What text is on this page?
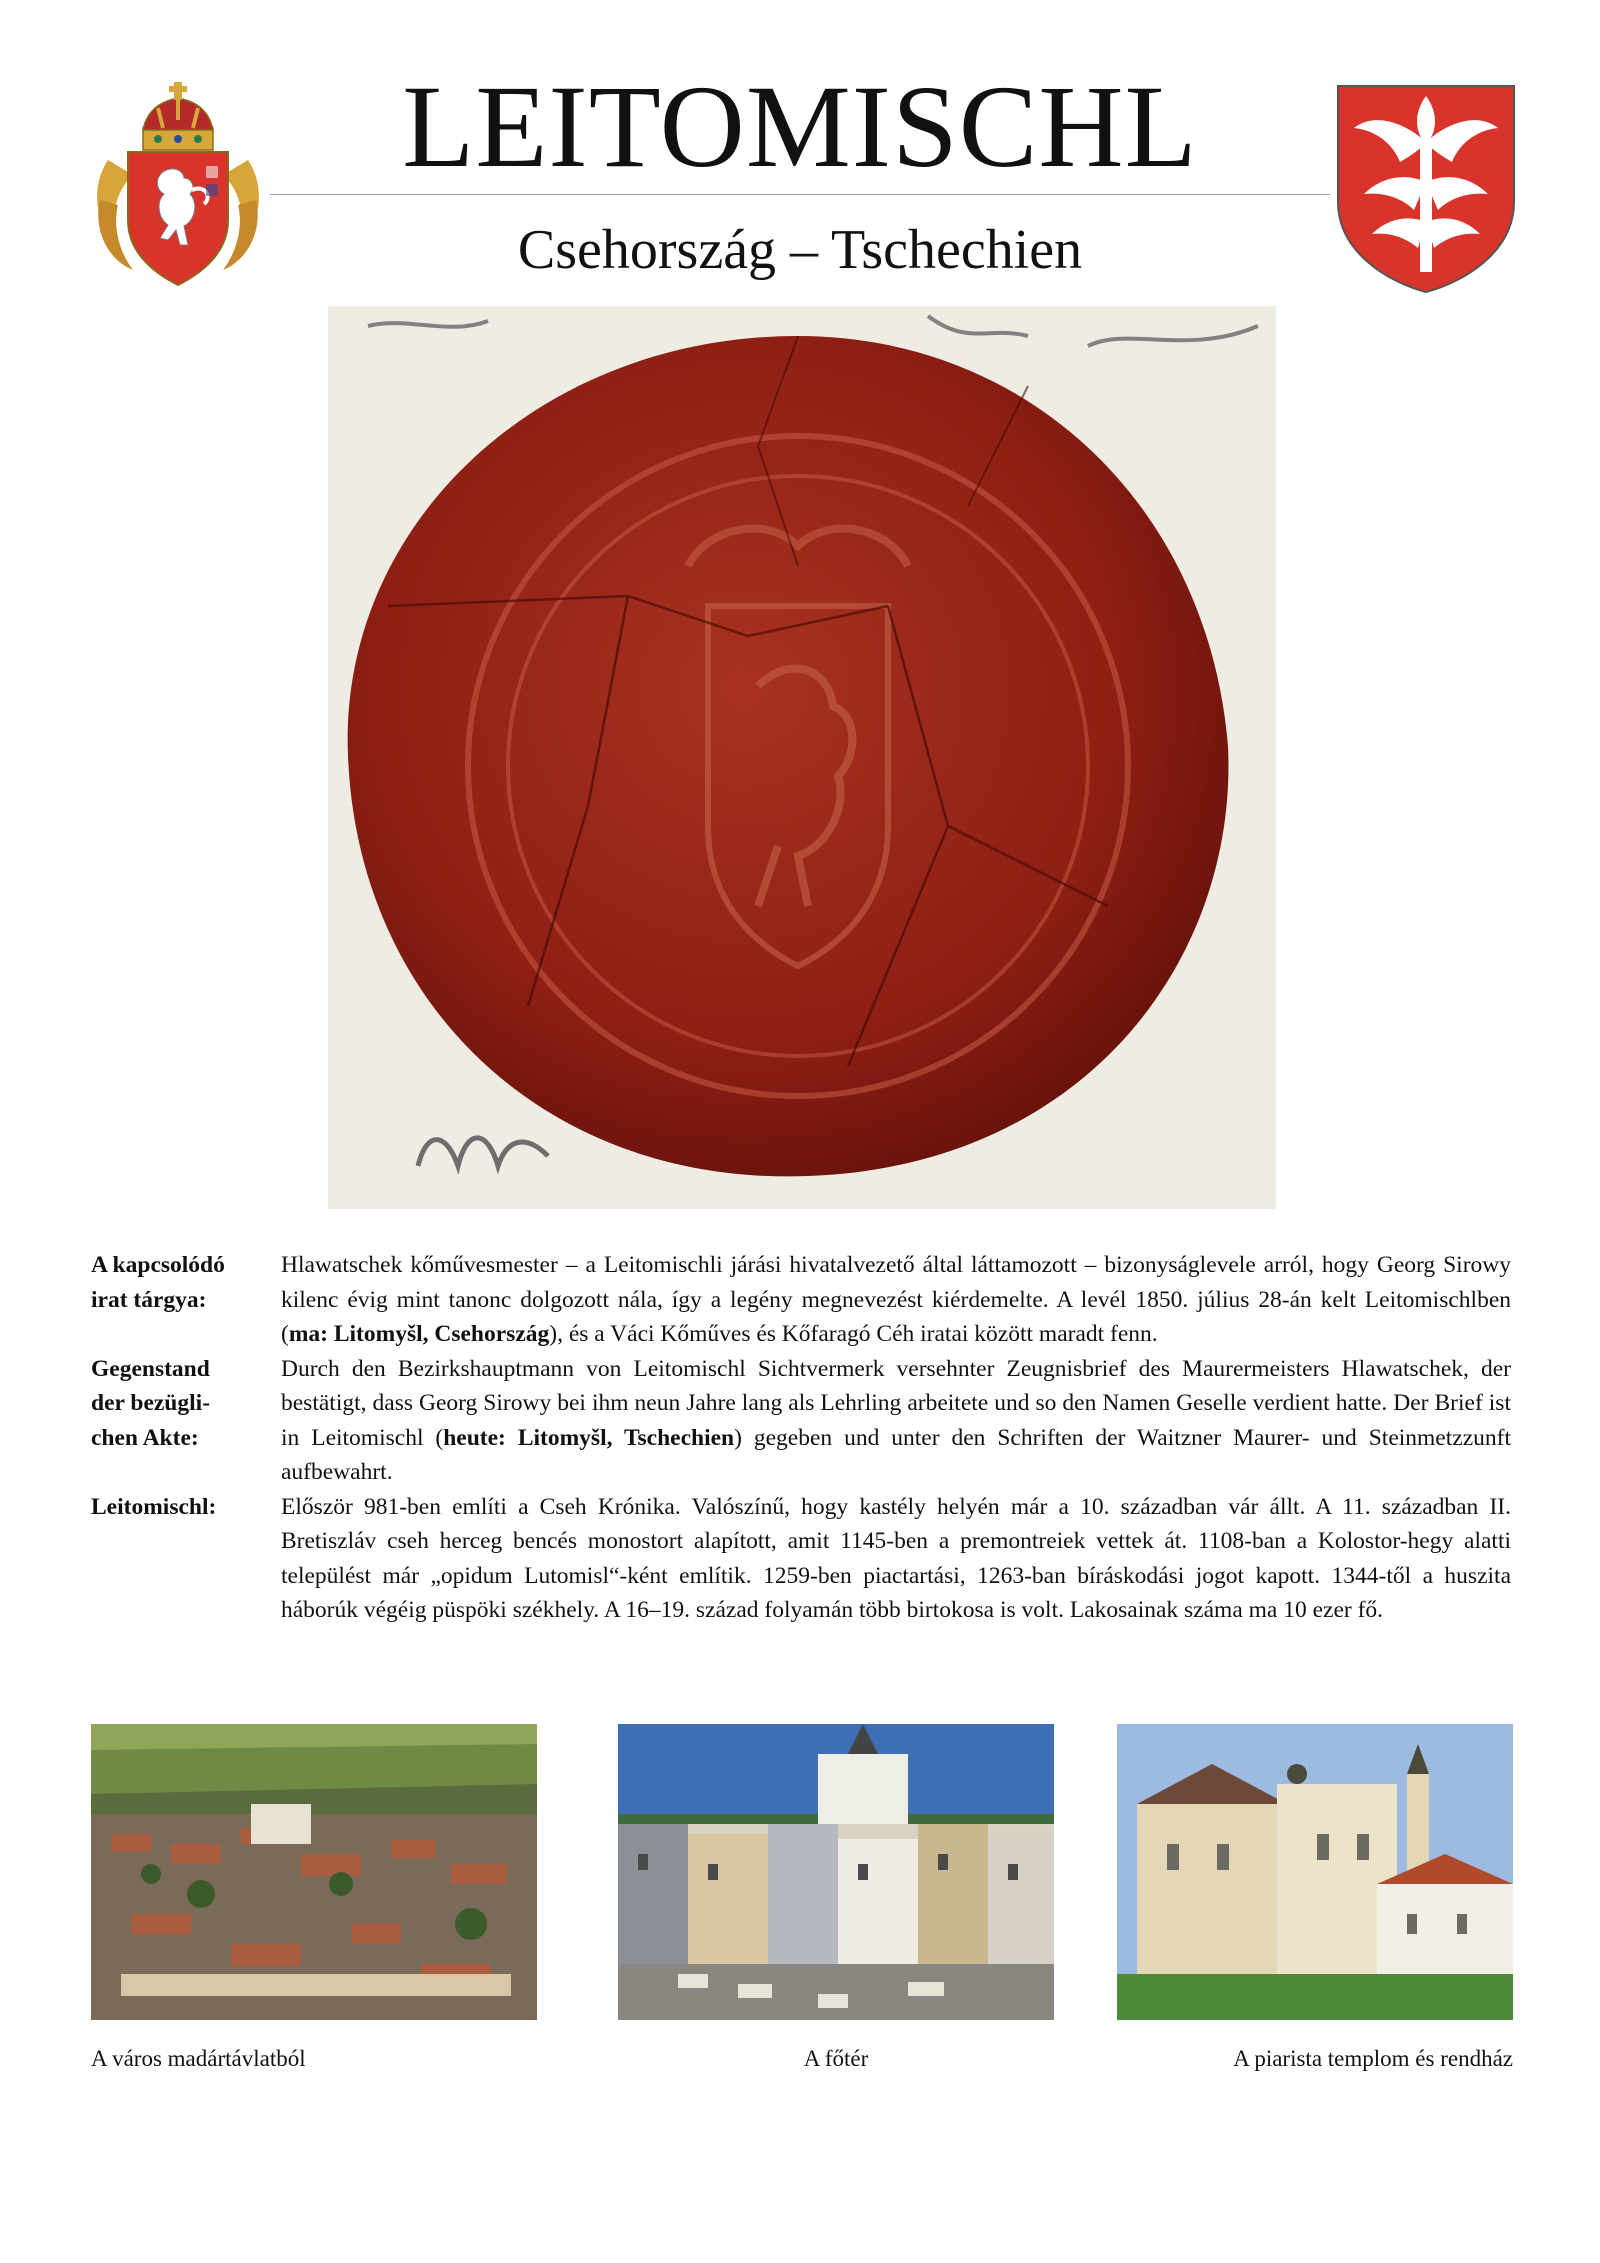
LEITOMISCHL
Csehország – Tschechien
A kapcsolódó
irat tárgya:
Hlawatschek kőművesmester – a Leitomischli járási hivatalvezető által láttamozott – bizonyságlevele arról, hogy Georg Sirowy kilenc évig mint tanonc dolgozott nála, így a legény megnevezést kiérdemelte. A levél 1850. július 28-án kelt Leitomischlben (ma: Litomyšl, Csehország), és a Váci Kőműves és Kőfaragó Céh iratai között maradt fenn.
Gegenstand
der bezügli-
chen Akte:
Durch den Bezirkshauptmann von Leitomischl Sichtvermerk versehnter Zeugnisbrief des Maurermeisters Hlawatschek, der bestätigt, dass Georg Sirowy bei ihm neun Jahre lang als Lehrling arbeitete und so den Namen Geselle verdient hatte. Der Brief ist in Leitomischl (heute: Litomyšl, Tschechien) gegeben und unter den Schriften der Waitzner Maurer- und Steinmetzzunft aufbewahrt.
Leitomischl:	Először 981-ben említi a Cseh Krónika. Valószínű, hogy kastély helyén már a 10. században vár állt. A 11. században II. Bretiszláv cseh herceg bencés monostort alapított, amit 1145-ben a premontreiek vettek át. 1108-ban a Kolostor-hegy alatti települést már „opidum Lutomisl“-ként említik. 1259-ben piactartási, 1263-ban bíráskodási jogot kapott. 1344-től a huszita háborúk végéig püspöki székhely. A 16–19. század folyamán több birtokosa is volt. Lakosainak száma ma 10 ezer fő.
A város madártávlatból	A főtér	A piarista templom és rendház
